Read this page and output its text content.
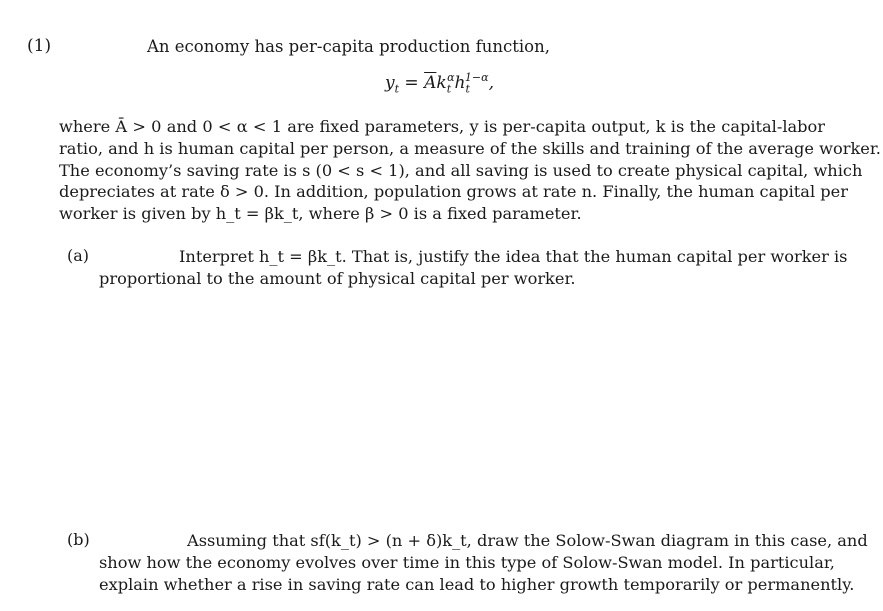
(1)	An economy has per-capita production function,
$y_t = \overline{A}k_t^\alpha h_t^{1-\alpha}$,
where Ā > 0 and 0 < α < 1 are fixed parameters, y is per-capita output, k is the capital-labor
ratio, and h is human capital per person, a measure of the skills and training of the average worker.
The economy’s saving rate is s (0 < s < 1), and all saving is used to create physical capital, which
depreciates at rate δ > 0. In addition, population grows at rate n. Finally, the human capital per
worker is given by h_t = βk_t, where β > 0 is a fixed parameter.
(a)	Interpret h_t = βk_t. That is, justify the idea that the human capital per worker is
proportional to the amount of physical capital per worker.
(b)	Assuming that sf(k_t) > (n + δ)k_t, draw the Solow-Swan diagram in this case, and
show how the economy evolves over time in this type of Solow-Swan model. In particular,
explain whether a rise in saving rate can lead to higher growth temporarily or permanently.
